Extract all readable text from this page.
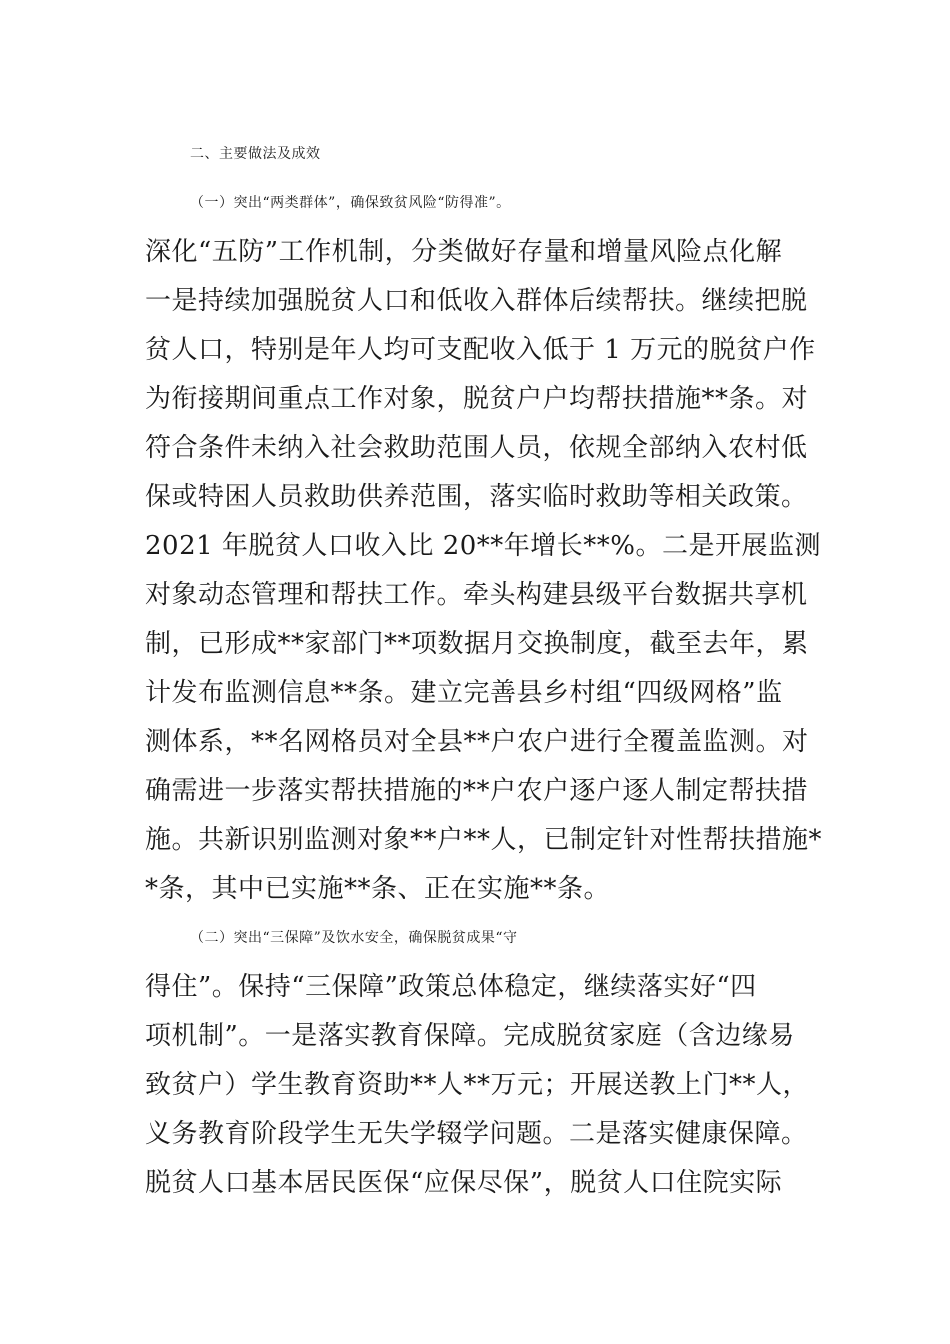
二、主要做法及成效
（一）突出“两类群体”，确保致贫风险“防得准”。
深化“五防”工作机制，分类做好存量和增量风险点化解
一是持续加强脱贫人口和低收入群体后续帮扶。继续把脱
贫人口，特别是年人均可支配收入低于 1 万元的脱贫户作
为衔接期间重点工作对象，脱贫户户均帮扶措施**条。对
符合条件未纳入社会救助范围人员，依规全部纳入农村低
保或特困人员救助供养范围，落实临时救助等相关政策。
2021 年脱贫人口收入比 20**年增长**%。二是开展监测
对象动态管理和帮扶工作。牵头构建县级平台数据共享机
制，已形成**家部门**项数据月交换制度，截至去年，累
计发布监测信息**条。建立完善县乡村组“四级网格”监
测体系，**名网格员对全县**户农户进行全覆盖监测。对
确需进一步落实帮扶措施的**户农户逐户逐人制定帮扶措
施。共新识别监测对象**户**人，已制定针对性帮扶措施*
*条，其中已实施**条、正在实施**条。
（二）突出“三保障”及饮水安全，确保脱贫成果“守
得住”。保持“三保障”政策总体稳定，继续落实好“四
项机制”。一是落实教育保障。完成脱贫家庭（含边缘易
致贫户）学生教育资助**人**万元；开展送教上门**人，
义务教育阶段学生无失学辍学问题。二是落实健康保障。
脱贫人口基本居民医保“应保尽保”，脱贫人口住院实际
